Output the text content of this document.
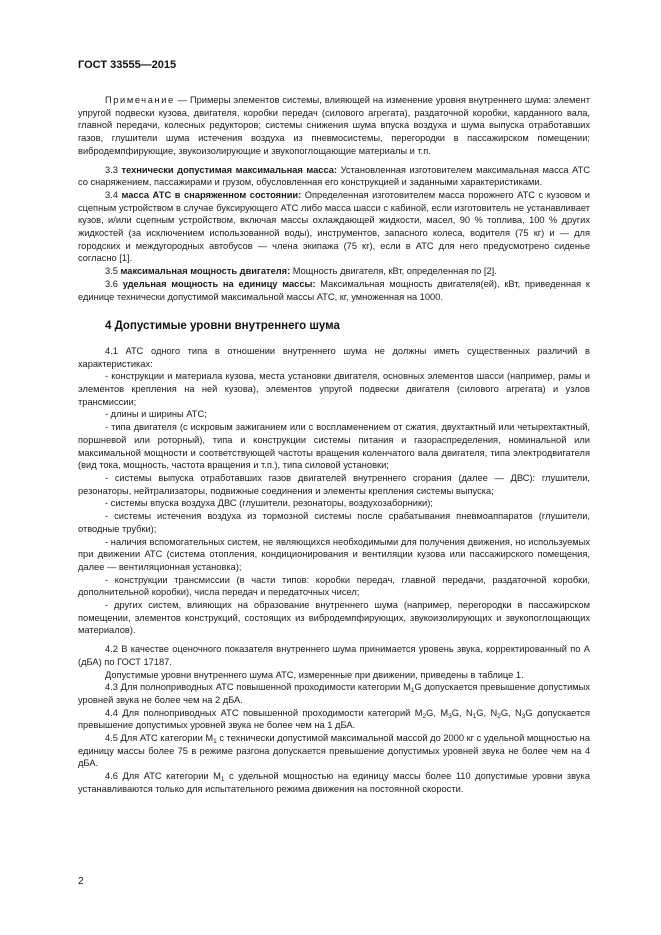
ГОСТ 33555—2015

Примечание — Примеры элементов системы, влияющей на изменение уровня внутреннего шума: элемент упругой подвески кузова, двигателя, коробки передач (силового агрегата), раздаточной коробки, карданного вала, главной передачи, колесных редукторов; системы снижения шума впуска воздуха и шума выпуска отработавших газов, глушители шума истечения воздуха из пневмосистемы, перегородки в пассажирском помещении; вибродемпфирующие, звукоизолирующие и звукопоглощающие материалы и т.п.

3.3 технически допустимая максимальная масса: Установленная изготовителем максимальная масса АТС со снаряжением, пассажирами и грузом, обусловленная его конструкцией и заданными характеристиками.

3.4 масса АТС в снаряженном состоянии: Определенная изготовителем масса порожнего АТС с кузовом и сцепным устройством в случае буксирующего АТС либо масса шасси с кабиной, если изготовитель не устанавливает кузов, и/или сцепным устройством, включая массы охлаждающей жидкости, масел, 90 % топлива, 100 % других жидкостей (за исключением использованной воды), инструментов, запасного колеса, водителя (75 кг) и — для городских и междугородных автобусов — члена экипажа (75 кг), если в АТС для него предусмотрено сиденье согласно [1].

3.5 максимальная мощность двигателя: Мощность двигателя, кВт, определенная по [2].

3.6 удельная мощность на единицу массы: Максимальная мощность двигателя(ей), кВт, приведенная к единице технически допустимой максимальной массы АТС, кг, умноженная на 1000.

4 Допустимые уровни внутреннего шума

4.1 АТС одного типа в отношении внутреннего шума не должны иметь существенных различий в характеристиках:

- конструкции и материала кузова, места установки двигателя, основных элементов шасси (например, рамы и элементов крепления на ней кузова), элементов упругой подвески двигателя (силового агрегата) и узлов трансмиссии;

- длины и ширины АТС;

- типа двигателя (с искровым зажиганием или с воспламенением от сжатия, двухтактный или четырехтактный, поршневой или роторный), типа и конструкции системы питания и газораспределения, номинальной или максимальной мощности и соответствующей частоты вращения коленчатого вала двигателя, типа электродвигателя (вид тока, мощность, частота вращения и т.п.), типа силовой установки;

- системы выпуска отработавших газов двигателей внутреннего сгорания (далее — ДВС): глушители, резонаторы, нейтрализаторы, подвижные соединения и элементы крепления системы выпуска;

- системы впуска воздуха ДВС (глушители, резонаторы, воздухозаборники);

- системы истечения воздуха из тормозной системы после срабатывания пневмоаппаратов (глушители, отводные трубки);

- наличия вспомогательных систем, не являющихся необходимыми для получения движения, но используемых при движении АТС (система отопления, кондиционирования и вентиляции кузова или пассажирского помещения, далее — вентиляционная установка);

- конструкции трансмиссии (в части типов: коробки передач, главной передачи, раздаточной коробки, дополнительной коробки), числа передач и передаточных чисел;

- других систем, влияющих на образование внутреннего шума (например, перегородки в пассажирском помещении, элементов конструкций, состоящих из вибродемпфирующих, звукоизолирующих и звукопоглощающих материалов).

4.2 В качестве оценочного показателя внутреннего шума принимается уровень звука, корректированный по А (дБА) по ГОСТ 17187.

Допустимые уровни внутреннего шума АТС, измеренные при движении, приведены в таблице 1.

4.3 Для полноприводных АТС повышенной проходимости категории $M_1G$ допускается превышение допустимых уровней звука не более чем на 2 дБА.

4.4 Для полноприводных АТС повышенной проходимости категорий $M_2G$, $M_3G$, $N_1G$, $N_2G$, $N_3G$ допускается превышение допустимых уровней звука не более чем на 1 дБА.

4.5 Для АТС категории $M_1$ с технически допустимой максимальной массой до 2000 кг с удельной мощностью на единицу массы более 75 в режиме разгона допускается превышение допустимых уровней звука не более чем на 4 дБА.

4.6 Для АТС категории $M_1$ с удельной мощностью на единицу массы более 110 допустимые уровни звука устанавливаются только для испытательного режима движения на постоянной скорости.

2
